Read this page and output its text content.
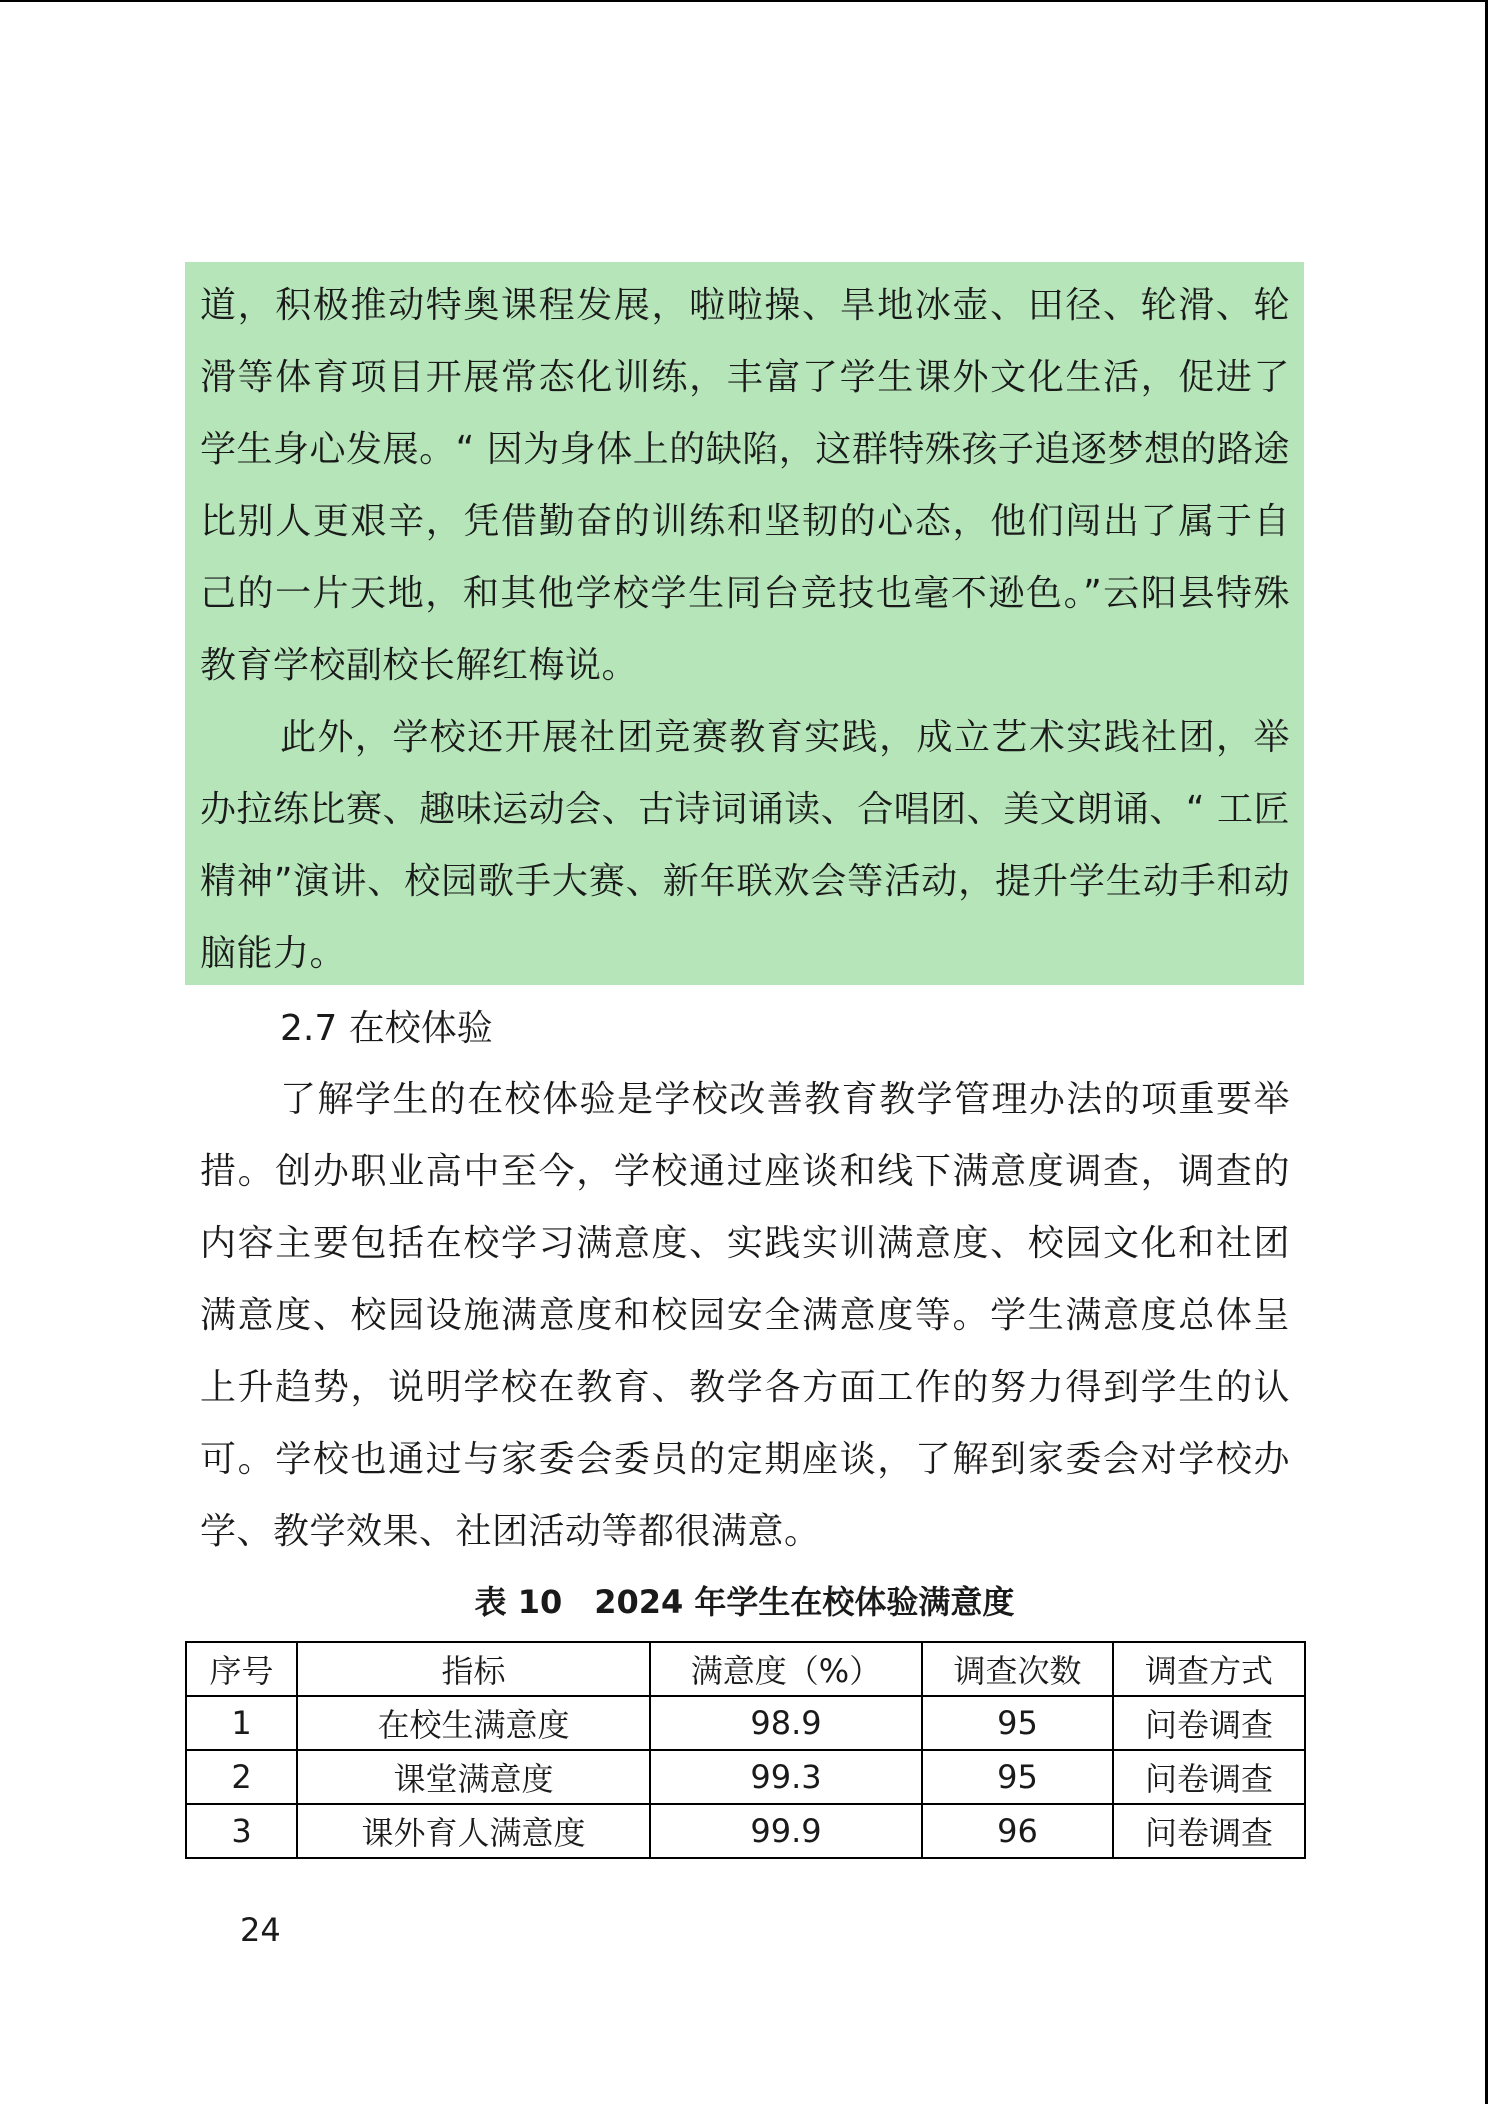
道，积极推动特奥课程发展，啦啦操、旱地冰壶、田径、轮滑、轮滑等体育项目开展常态化训练，丰富了学生课外文化生活，促进了学生身心发展。“ 因为身体上的缺陷，这群特殊孩子追逐梦想的路途比别人更艰辛，凭借勤奋的训练和坚韧的心态，他们闯出了属于自己的一片天地，和其他学校学生同台竞技也毫不逊色。”云阳县特殊教育学校副校长解红梅说。

此外，学校还开展社团竞赛教育实践，成立艺术实践社团，举办拉练比赛、趣味运动会、古诗词诵读、合唱团、美文朗诵、“ 工匠精神”演讲、校园歌手大赛、新年联欢会等活动，提升学生动手和动脑能力。

2.7 在校体验

了解学生的在校体验是学校改善教育教学管理办法的项重要举措。创办职业高中至今，学校通过座谈和线下满意度调查，调查的内容主要包括在校学习满意度、实践实训满意度、校园文化和社团满意度、校园设施满意度和校园安全满意度等。学生满意度总体呈上升趋势，说明学校在教育、教学各方面工作的努力得到学生的认可。学校也通过与家委会委员的定期座谈，了解到家委会对学校办学、教学效果、社团活动等都很满意。

表 10　2024 年学生在校体验满意度

序号	指标	满意度（%）	调查次数	调查方式
1	在校生满意度	98.9	95	问卷调查
2	课堂满意度	99.3	95	问卷调查
3	课外育人满意度	99.9	96	问卷调查

24
